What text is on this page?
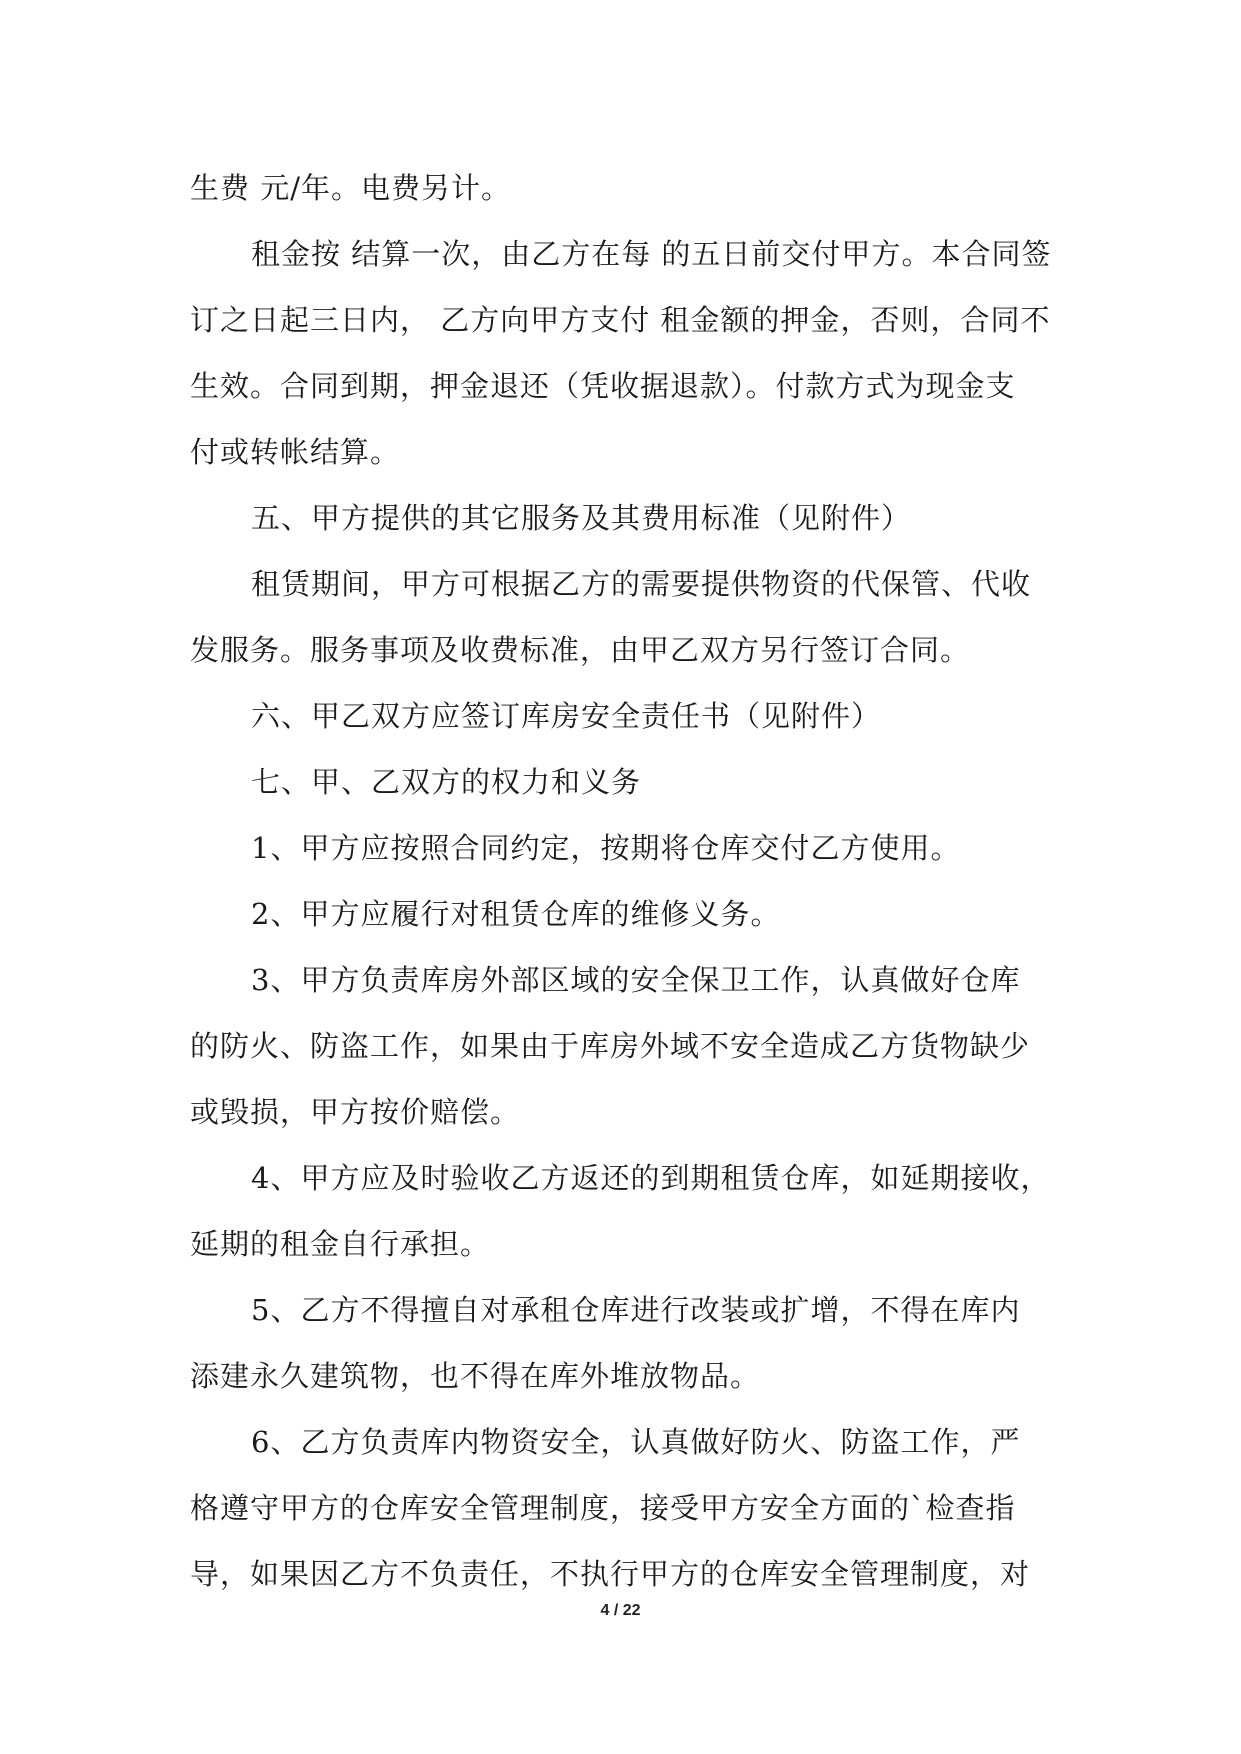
生费 元/年。电费另计。
租金按 结算一次，由乙方在每 的五日前交付甲方。本合同签
订之日起三日内， 乙方向甲方支付 租金额的押金，否则，合同不
生效。合同到期，押金退还（凭收据退款）。付款方式为现金支
付或转帐结算。
五、甲方提供的其它服务及其费用标准（见附件）
租赁期间，甲方可根据乙方的需要提供物资的代保管、代收
发服务。服务事项及收费标准，由甲乙双方另行签订合同。
六、甲乙双方应签订库房安全责任书（见附件）
七、甲、乙双方的权力和义务
1、甲方应按照合同约定，按期将仓库交付乙方使用。
2、甲方应履行对租赁仓库的维修义务。
3、甲方负责库房外部区域的安全保卫工作，认真做好仓库
的防火、防盗工作，如果由于库房外域不安全造成乙方货物缺少
或毁损，甲方按价赔偿。
4、甲方应及时验收乙方返还的到期租赁仓库，如延期接收，
延期的租金自行承担。
5、乙方不得擅自对承租仓库进行改装或扩增，不得在库内
添建永久建筑物，也不得在库外堆放物品。
6、乙方负责库内物资安全，认真做好防火、防盗工作，严
格遵守甲方的仓库安全管理制度，接受甲方安全方面的`检查指
导，如果因乙方不负责任，不执行甲方的仓库安全管理制度，对
4 / 22
